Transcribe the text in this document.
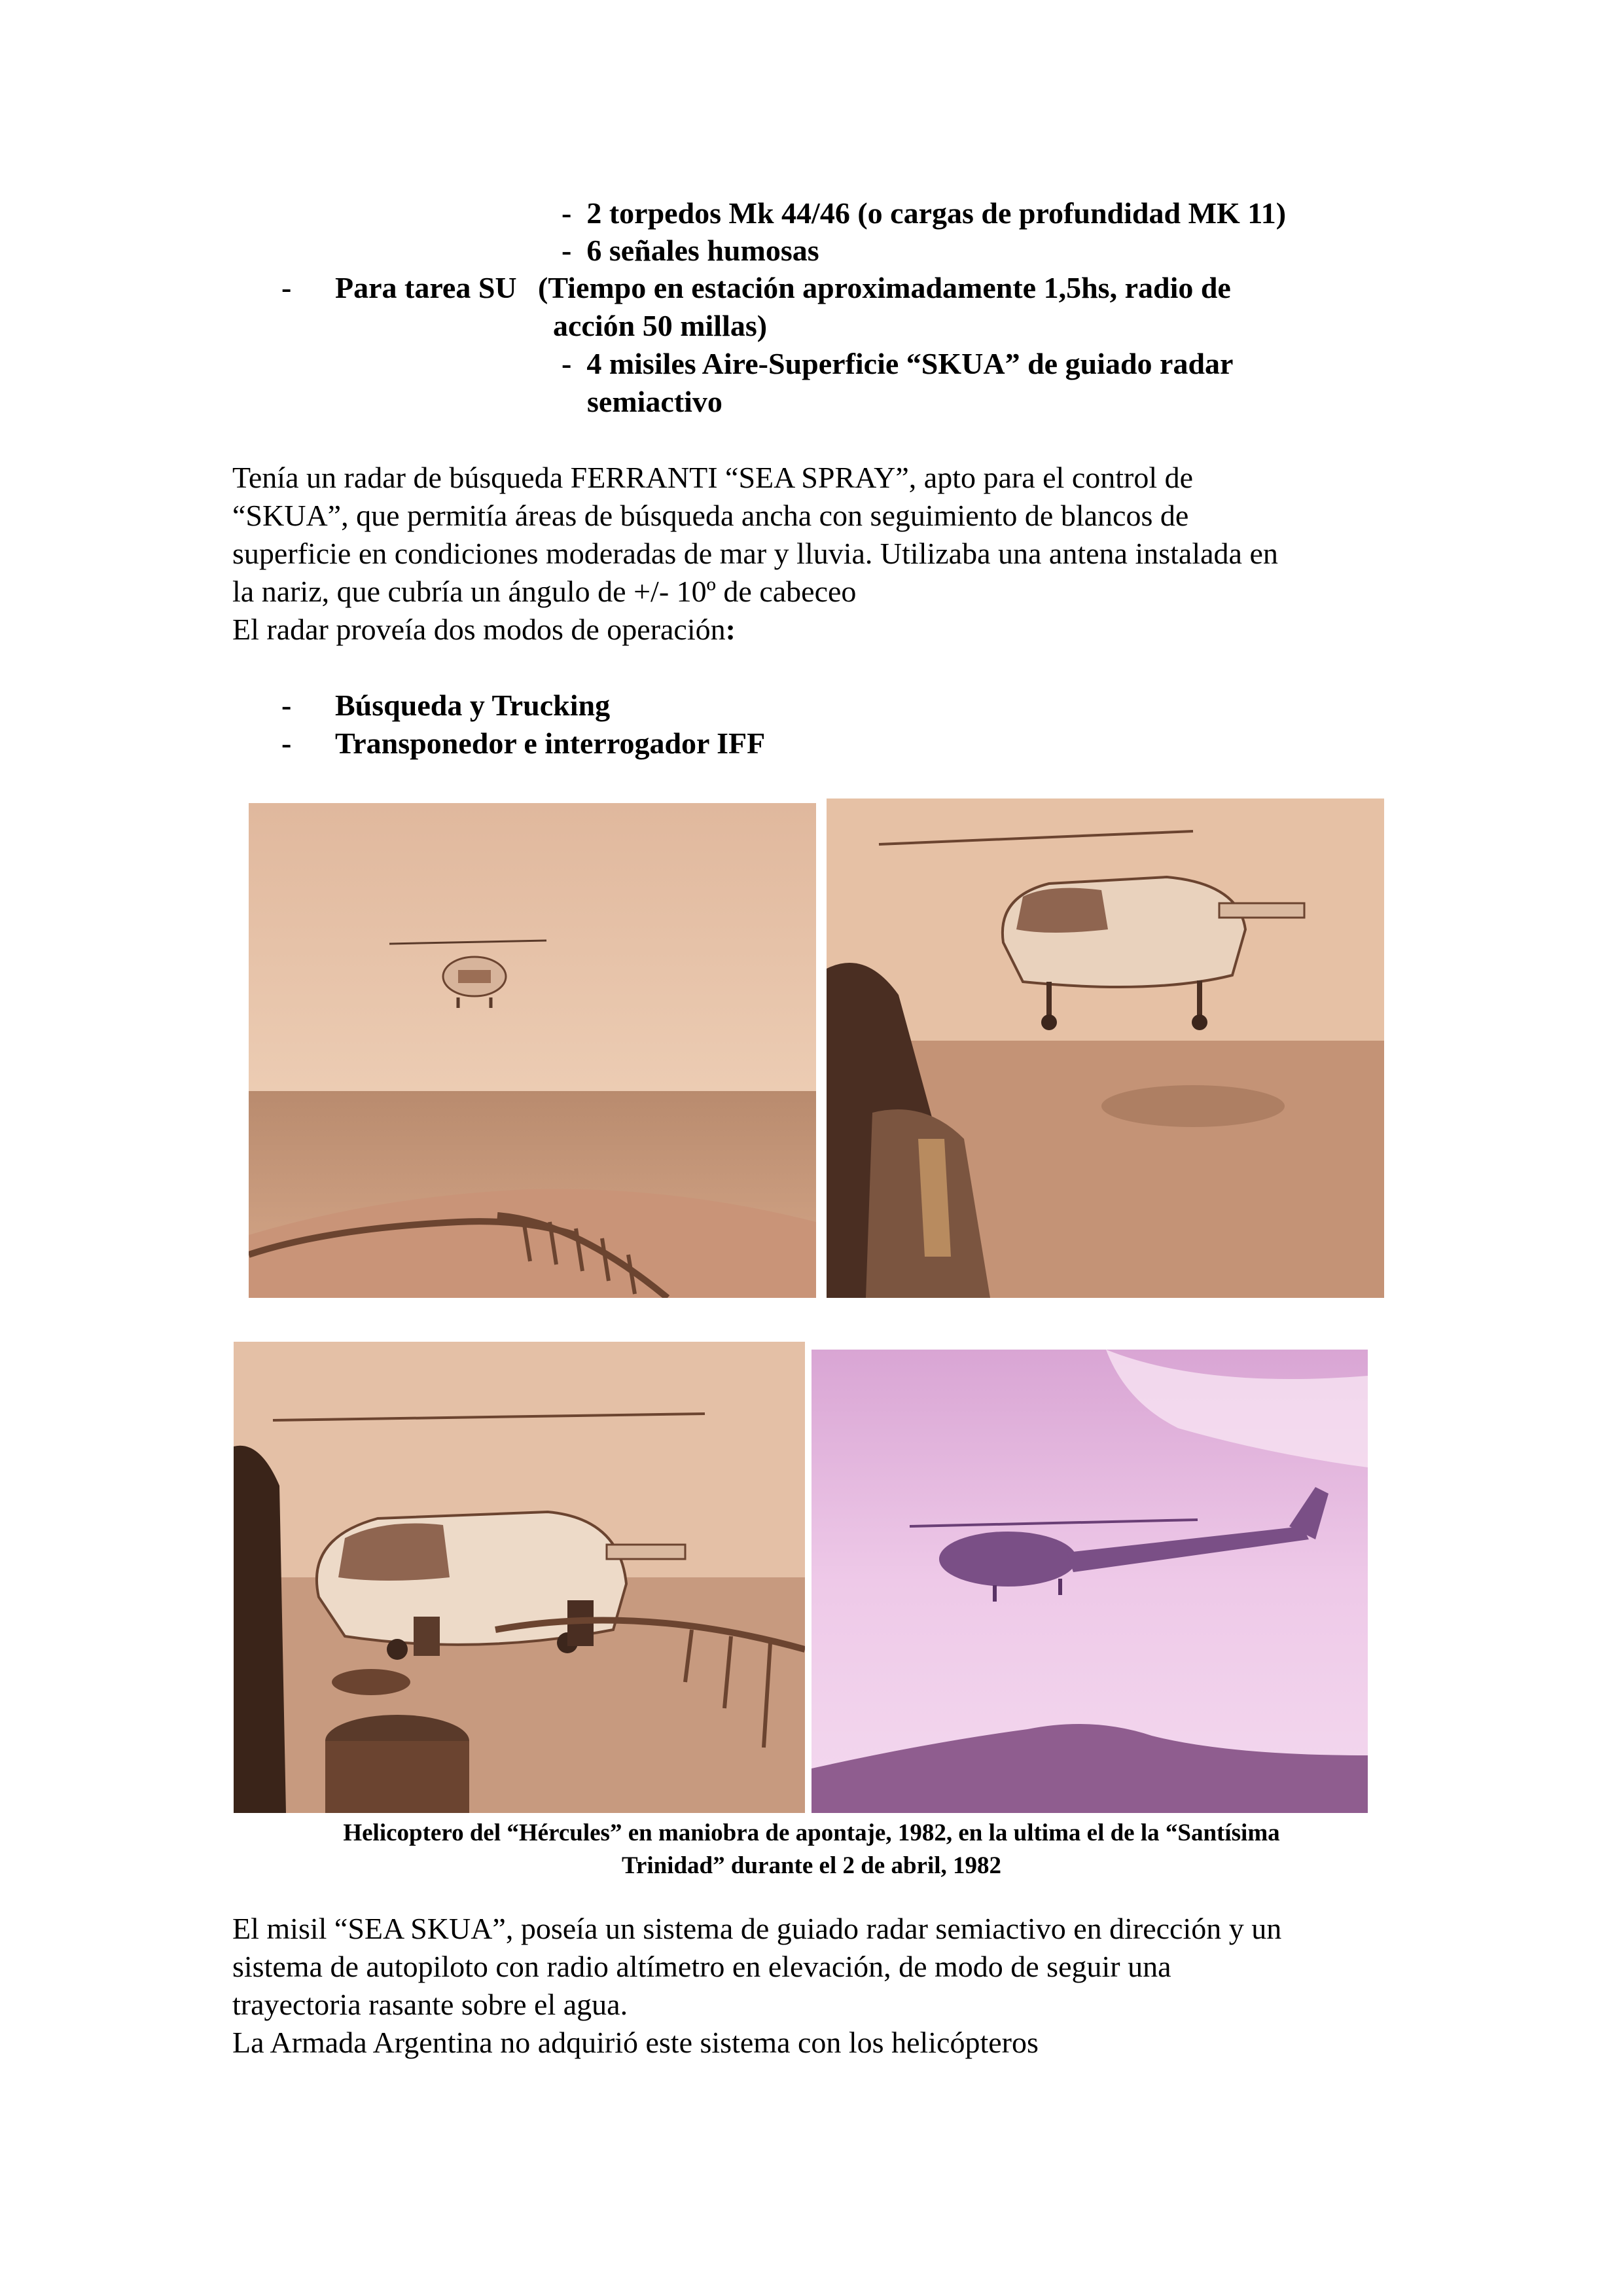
- 2 torpedos Mk 44/46 (o cargas de profundidad MK 11)
- 6 señales humosas
- Para tarea SU (Tiempo en estación aproximadamente 1,5hs, radio de
acción 50 millas)
- 4 misiles Aire-Superficie “SKUA” de guiado radar
semiactivo
Tenía un radar de búsqueda FERRANTI “SEA SPRAY”, apto para el control de
“SKUA”, que permitía áreas de búsqueda ancha con seguimiento de blancos de
superficie en condiciones moderadas de mar y lluvia. Utilizaba una antena instalada en
la nariz, que cubría un ángulo de +/- 10º de cabeceo
El radar proveía dos modos de operación:
- Búsqueda y Trucking
- Transponedor e interrogador IFF
Helicoptero del “Hércules” en maniobra de apontaje, 1982, en la ultima el de la “Santísima
Trinidad” durante el 2 de abril, 1982
El misil “SEA SKUA”, poseía un sistema de guiado radar semiactivo en dirección y un
sistema de autopiloto con radio altímetro en elevación, de modo de seguir una
trayectoria rasante sobre el agua.
La Armada Argentina no adquirió este sistema con los helicópteros
